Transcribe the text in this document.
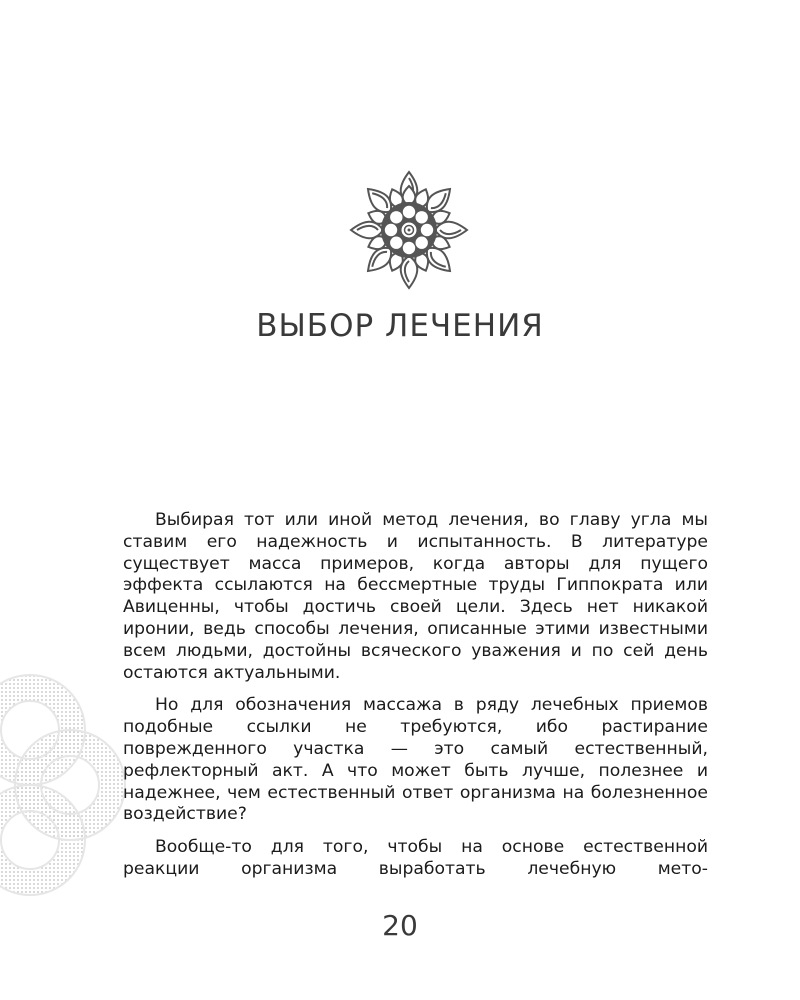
ВЫБОР ЛЕЧЕНИЯ

Выбирая тот или иной метод лечения, во главу угла мы ставим его надежность и испытанность. В литературе существует масса примеров, когда авторы для пущего эффекта ссылаются на бессмертные труды Гиппократа или Авиценны, чтобы достичь своей цели. Здесь нет никакой иронии, ведь способы лечения, описанные этими известными всем людьми, достойны всяческого уважения и по сей день остаются актуальными.

Но для обозначения массажа в ряду лечебных приемов подобные ссылки не требуются, ибо растирание поврежденного участка — это самый естественный, рефлекторный акт. А что может быть лучше, полезнее и надежнее, чем естественный ответ организма на болезненное воздействие?

Вообще-то для того, чтобы на основе естественной реакции организма выработать лечебную мето-

20
